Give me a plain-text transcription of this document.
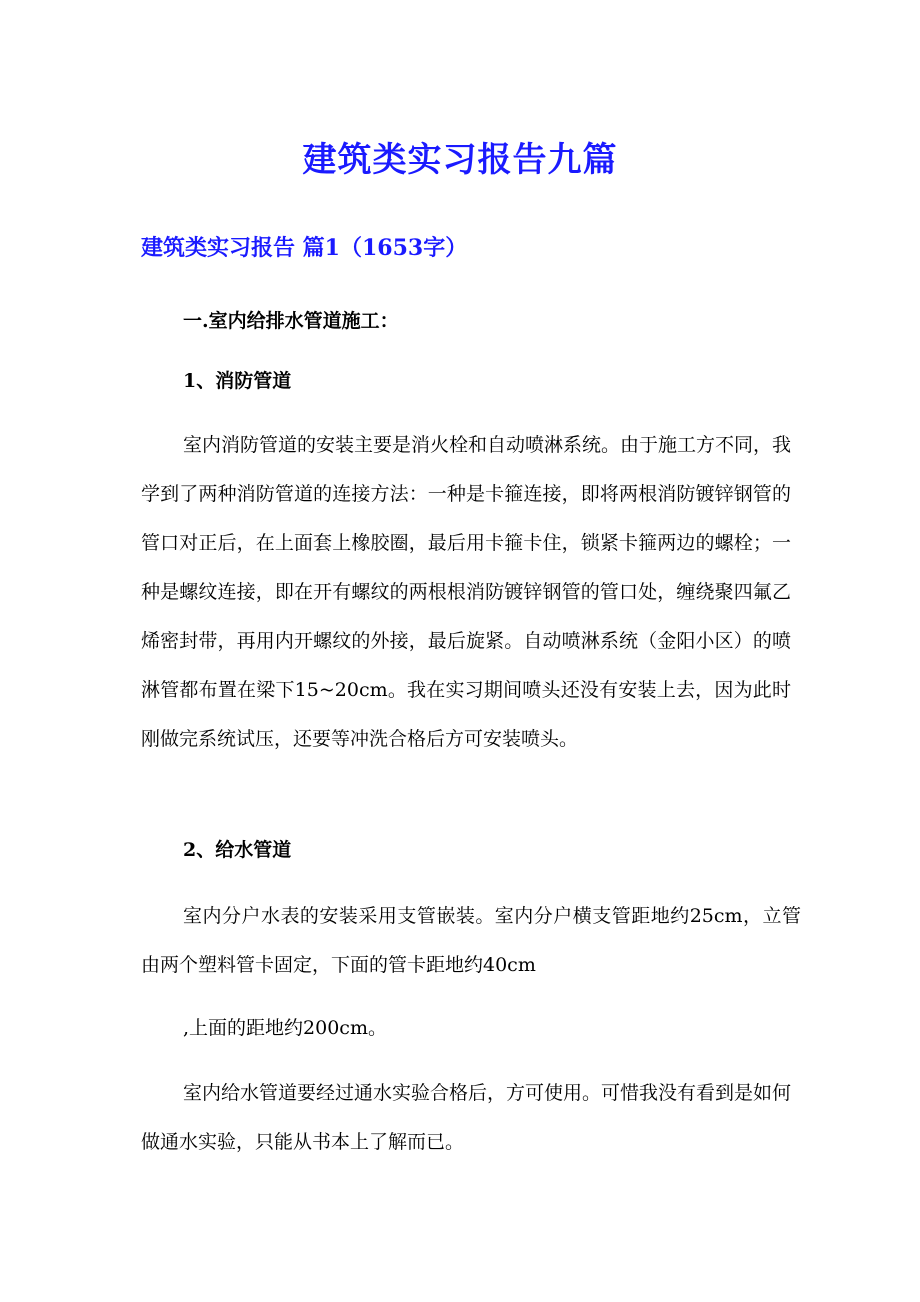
建筑类实习报告九篇
建筑类实习报告 篇1（1653字）
一.室内给排水管道施工：
1、消防管道
室内消防管道的安装主要是消火栓和自动喷淋系统。由于施工方不同，我学到了两种消防管道的连接方法：一种是卡箍连接，即将两根消防镀锌钢管的管口对正后，在上面套上橡胶圈，最后用卡箍卡住，锁紧卡箍两边的螺栓；一种是螺纹连接，即在开有螺纹的两根根消防镀锌钢管的管口处，缠绕聚四氟乙烯密封带，再用内开螺纹的外接，最后旋紧。自动喷淋系统（金阳小区）的喷淋管都布置在梁下15~20cm。我在实习期间喷头还没有安装上去，因为此时刚做完系统试压，还要等冲洗合格后方可安装喷头。
2、给水管道
室内分户水表的安装采用支管嵌装。室内分户横支管距地约25cm，立管由两个塑料管卡固定，下面的管卡距地约40cm
,上面的距地约200cm。
室内给水管道要经过通水实验合格后，方可使用。可惜我没有看到是如何做通水实验，只能从书本上了解而已。
